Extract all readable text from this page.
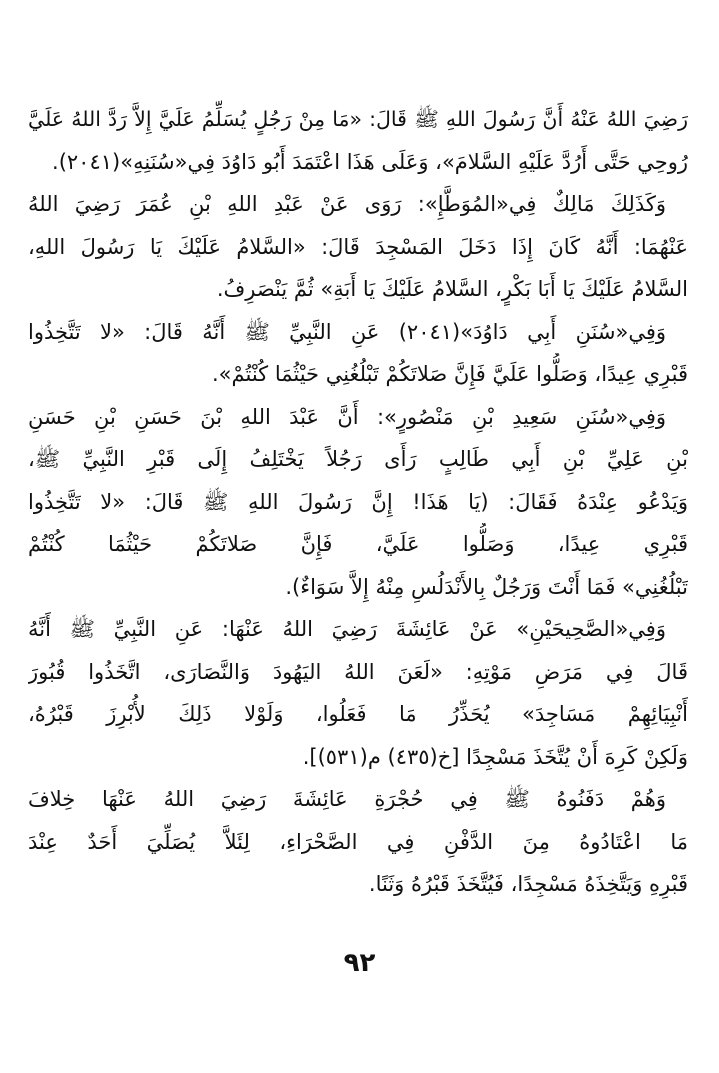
رَضِيَ اللهُ عَنْهُ أَنَّ رَسُولَ اللهِ ﷺ قَالَ: «مَا مِنْ رَجُلٍ يُسَلِّمُ عَلَيَّ إِلاَّ رَدَّ اللهُ عَلَيَّ
رُوحِي حَتَّى أَرُدَّ عَلَيْهِ السَّلامَ»، وَعَلَى هَذَا اعْتَمَدَ أَبُو دَاوُدَ فِي«سُنَنِهِ»(٢٠٤١).
وَكَذَلِكَ مَالِكٌ فِي«المُوَطَّإِ»: رَوَى عَنْ عَبْدِ اللهِ بْنِ عُمَرَ رَضِيَ اللهُ
عَنْهُمَا: أَنَّهُ كَانَ إِذَا دَخَلَ المَسْجِدَ قَالَ: «السَّلامُ عَلَيْكَ يَا رَسُولَ اللهِ،
السَّلامُ عَلَيْكَ يَا أَبَا بَكْرٍ، السَّلامُ عَلَيْكَ يَا أَبَةِ» ثُمَّ يَنْصَرِفُ.
وَفِي«سُنَنِ أَبِي دَاوُدَ»(٢٠٤١) عَنِ النَّبِيِّ ﷺ أَنَّهُ قَالَ: «لا تَتَّخِذُوا
قَبْرِي عِيدًا، وَصَلُّوا عَلَيَّ فَإِنَّ صَلاتَكُمْ تَبْلُغُنِي حَيْثُمَا كُنْتُمْ».
وَفِي«سُنَنِ سَعِيدِ بْنِ مَنْصُورٍ»: أَنَّ عَبْدَ اللهِ بْنَ حَسَنِ بْنِ حَسَنِ
بْنِ عَلِيِّ بْنِ أَبِي طَالِبٍ رَأَى رَجُلاً يَخْتَلِفُ إِلَى قَبْرِ النَّبِيِّ ﷺ،
وَيَدْعُو عِنْدَهُ فَقَالَ: (يَا هَذَا! إِنَّ رَسُولَ اللهِ ﷺ قَالَ: «لا تَتَّخِذُوا
قَبْرِي عِيدًا، وَصَلُّوا عَلَيَّ، فَإِنَّ صَلاتَكُمْ حَيْثُمَا كُنْتُمْ
تَبْلُغُنِي» فَمَا أَنْتَ وَرَجُلٌ بِالأَنْدَلُسِ مِنْهُ إِلاَّ سَوَاءٌ).
وَفِي«الصَّحِيحَيْنِ» عَنْ عَائِشَةَ رَضِيَ اللهُ عَنْهَا: عَنِ النَّبِيِّ ﷺ أَنَّهُ
قَالَ فِي مَرَضِ مَوْتِهِ: «لَعَنَ اللهُ اليَهُودَ وَالنَّصَارَى، اتَّخَذُوا قُبُورَ
أَنْبِيَائِهِمْ مَسَاجِدَ» يُحَذِّرُ مَا فَعَلُوا، وَلَوْلا ذَلِكَ لأُبْرِزَ قَبْرُهُ،
وَلَكِنْ كَرِهَ أَنْ يُتَّخَذَ مَسْجِدًا [خ(٤٣٥) م(٥٣١)].
وَهُمْ دَفَنُوهُ ﷺ فِي حُجْرَةِ عَائِشَةَ رَضِيَ اللهُ عَنْهَا خِلافَ
مَا اعْتَادُوهُ مِنَ الدَّفْنِ فِي الصَّحْرَاءِ، لِئَلاَّ يُصَلِّيَ أَحَدٌ عِنْدَ
قَبْرِهِ وَيَتَّخِذَهُ مَسْجِدًا، فَيُتَّخَذَ قَبْرُهُ وَثَنًا.
٩٢
